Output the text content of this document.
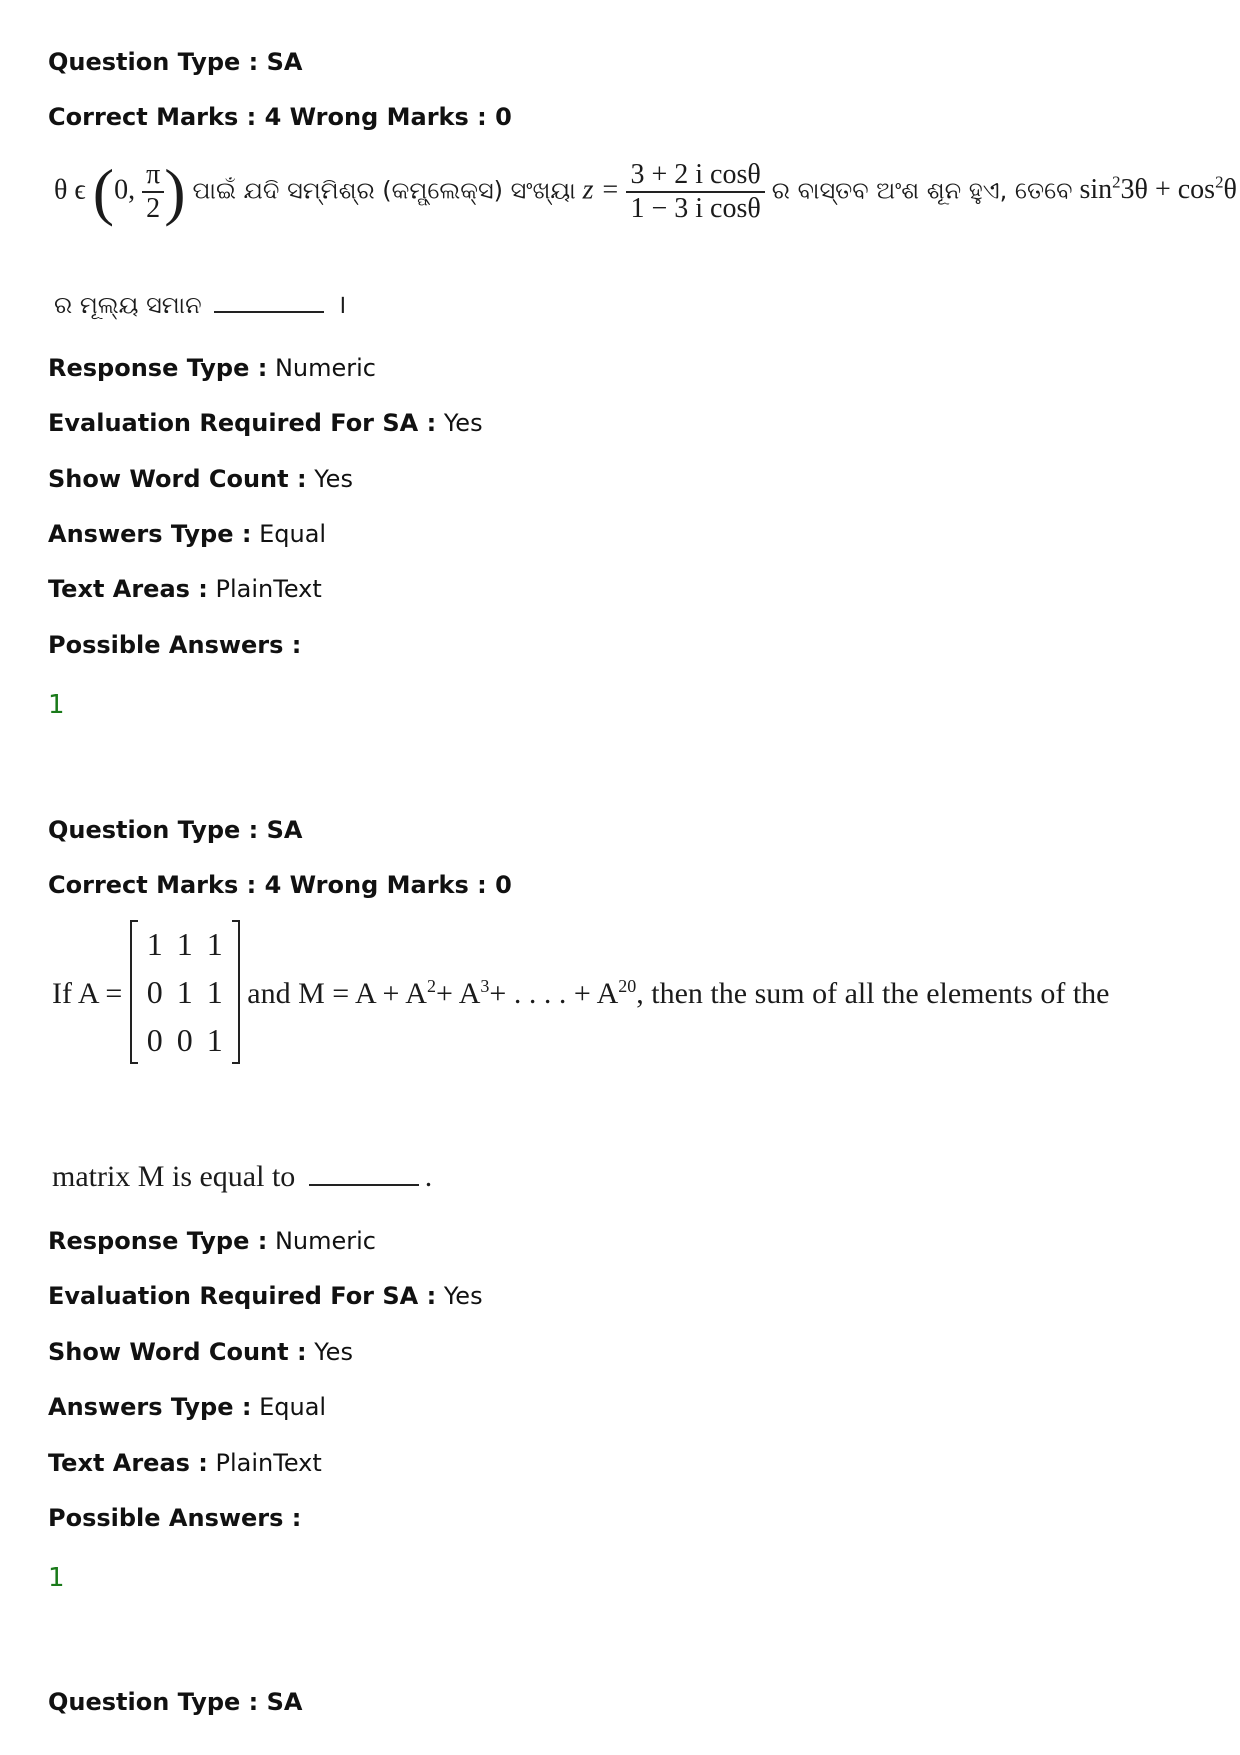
Question Type : SA
Correct Marks : 4 Wrong Marks : 0
θ ϵ (0, $\frac{\pi}{2}$ ) ପାଇଁ ଯଦି ସମ୍ମିଶ୍ର (କମ୍ପ୍ଲେକ୍ସ) ସଂଖ୍ୟା $z = \frac{\text{3 + 2 i cosθ}}{\text{1 − 3 i cosθ}}$ ର ବାସ୍ତବ ଅଂଶ ଶୂନ ହୁଏ, ତେବେ $\sin^23\theta + \cos^2\theta$
ର ମୂଲ୍ୟ ସମାନ	।
Response Type : Numeric
Evaluation Required For SA : Yes
Show Word Count : Yes
Answers Type : Equal
Text Areas : PlainText
Possible Answers :
1
Question Type : SA
Correct Marks : 4 Wrong Marks : 0
If A =
1	1	1
0	1	1
0	0	1
and $M = A + A^2+ A^3+$ . . . . + $A^{20}$, then the sum of all the elements of the
matrix M is equal to	.
Response Type : Numeric
Evaluation Required For SA : Yes
Show Word Count : Yes
Answers Type : Equal
Text Areas : PlainText
Possible Answers :
1
Question Type : SA
